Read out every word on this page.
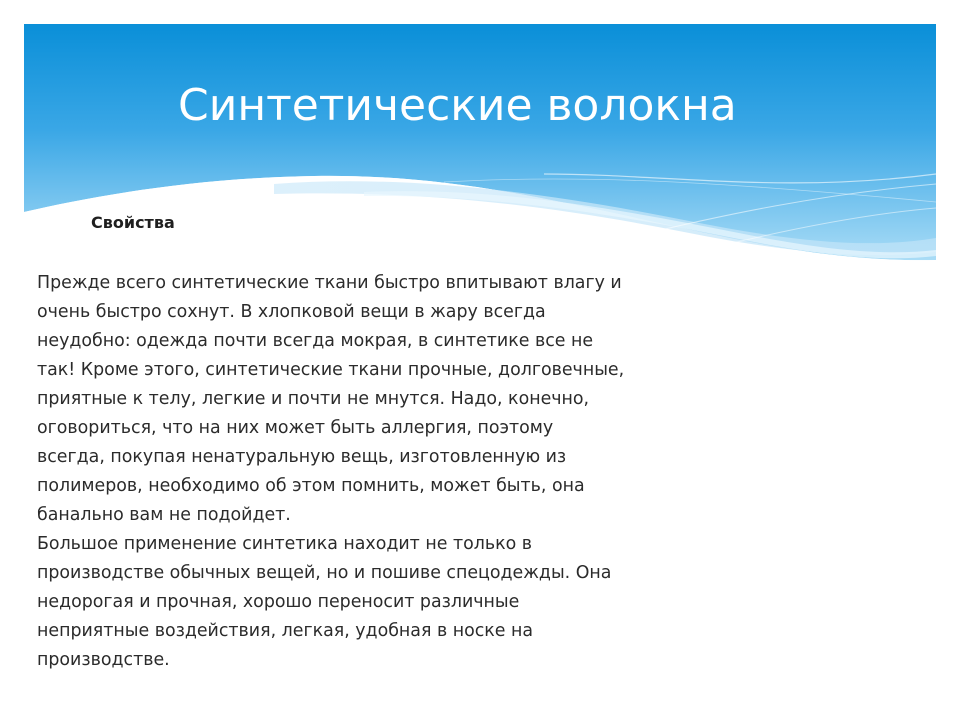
Синтетические волокна
Свойства
Прежде всего синтетические ткани быстро впитывают влагу и
очень быстро сохнут. В хлопковой вещи в жару всегда
неудобно: одежда почти всегда мокрая, в синтетике все не
так! Кроме этого, синтетические ткани прочные, долговечные,
приятные к телу, легкие и почти не мнутся. Надо, конечно,
оговориться, что на них может быть аллергия, поэтому
всегда, покупая ненатуральную вещь, изготовленную из
полимеров, необходимо об этом помнить, может быть, она
банально вам не подойдет.
Большое применение синтетика находит не только в
производстве обычных вещей, но и пошиве спецодежды. Она
недорогая и прочная, хорошо переносит различные
неприятные воздействия, легкая, удобная в носке на
производстве.
